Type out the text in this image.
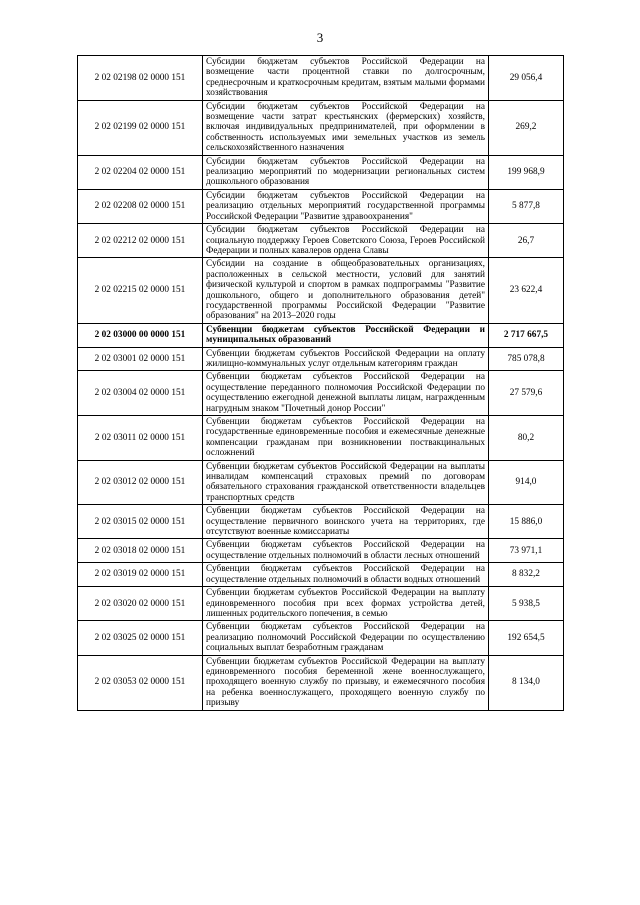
3
2 02 02198 02 0000 151	Субсидии бюджетам субъектов Российской Федерации на возмещение части процентной ставки по долгосрочным, среднесрочным и краткосрочным кредитам, взятым малыми формами хозяйствования	29 056,4
2 02 02199 02 0000 151	Субсидии бюджетам субъектов Российской Федерации на возмещение части затрат крестьянских (фермерских) хозяйств, включая индивидуальных предпринимателей, при оформлении в собственность используемых ими земельных участков из земель сельскохозяйственного назначения	269,2
2 02 02204 02 0000 151	Субсидии бюджетам субъектов Российской Федерации на реализацию мероприятий по модернизации региональных систем дошкольного образования	199 968,9
2 02 02208 02 0000 151	Субсидии бюджетам субъектов Российской Федерации на реализацию отдельных мероприятий государственной программы Российской Федерации "Развитие здравоохранения"	5 877,8
2 02 02212 02 0000 151	Субсидии бюджетам субъектов Российской Федерации на социальную поддержку Героев Советского Союза, Героев Российской Федерации и полных кавалеров ордена Славы	26,7
2 02 02215 02 0000 151	Субсидии на создание в общеобразовательных организациях, расположенных в сельской местности, условий для занятий физической культурой и спортом в рамках подпрограммы "Развитие дошкольного, общего и дополнительного образования детей" государственной программы Российской Федерации "Развитие образования" на 2013–2020 годы	23 622,4
2 02 03000 00 0000 151	Субвенции бюджетам субъектов Российской Федерации и муниципальных образований	2 717 667,5
2 02 03001 02 0000 151	Субвенции бюджетам субъектов Российской Федерации на оплату жилищно-коммунальных услуг отдельным категориям граждан	785 078,8
2 02 03004 02 0000 151	Субвенции бюджетам субъектов Российской Федерации на осуществление переданного полномочия Российской Федерации по осуществлению ежегодной денежной выплаты лицам, награжденным нагрудным знаком "Почетный донор России"	27 579,6
2 02 03011 02 0000 151	Субвенции бюджетам субъектов Российской Федерации на государственные единовременные пособия и ежемесячные денежные компенсации гражданам при возникновении поствакцинальных осложнений	80,2
2 02 03012 02 0000 151	Субвенции бюджетам субъектов Российской Федерации на выплаты инвалидам компенсаций страховых премий по договорам обязательного страхования гражданской ответственности владельцев транспортных средств	914,0
2 02 03015 02 0000 151	Субвенции бюджетам субъектов Российской Федерации на осуществление первичного воинского учета на территориях, где отсутствуют военные комиссариаты	15 886,0
2 02 03018 02 0000 151	Субвенции бюджетам субъектов Российской Федерации на осуществление отдельных полномочий в области лесных отношений	73 971,1
2 02 03019 02 0000 151	Субвенции бюджетам субъектов Российской Федерации на осуществление отдельных полномочий в области водных отношений	8 832,2
2 02 03020 02 0000 151	Субвенции бюджетам субъектов Российской Федерации на выплату единовременного пособия при всех формах устройства детей, лишенных родительского попечения, в семью	5 938,5
2 02 03025 02 0000 151	Субвенции бюджетам субъектов Российской Федерации на реализацию полномочий Российской Федерации по осуществлению социальных выплат безработным гражданам	192 654,5
2 02 03053 02 0000 151	Субвенции бюджетам субъектов Российской Федерации на выплату единовременного пособия беременной жене военнослужащего, проходящего военную службу по призыву, и ежемесячного пособия на ребенка военнослужащего, проходящего военную службу по призыву	8 134,0
